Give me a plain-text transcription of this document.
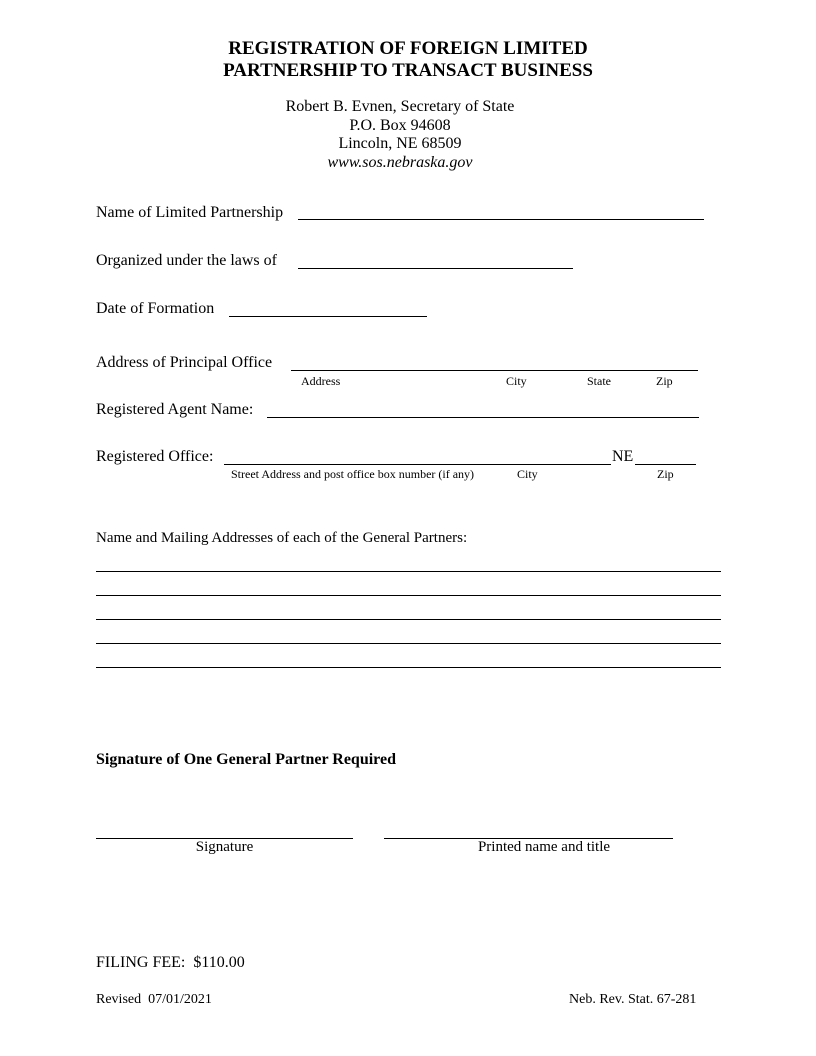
REGISTRATION OF FOREIGN LIMITED
PARTNERSHIP TO TRANSACT BUSINESS
Robert B. Evnen, Secretary of State
P.O. Box 94608
Lincoln, NE 68509
www.sos.nebraska.gov
Name of Limited Partnership
Organized under the laws of
Date of Formation
Address of Principal Office
Address	City	State	Zip
Registered Agent Name:
Registered Office:	NE
Street Address and post office box number (if any)	City	Zip
Name and Mailing Addresses of each of the General Partners:
Signature of One General Partner Required
Signature	Printed name and title
FILING FEE:  $110.00
Revised  07/01/2021	Neb. Rev. Stat. 67-281
